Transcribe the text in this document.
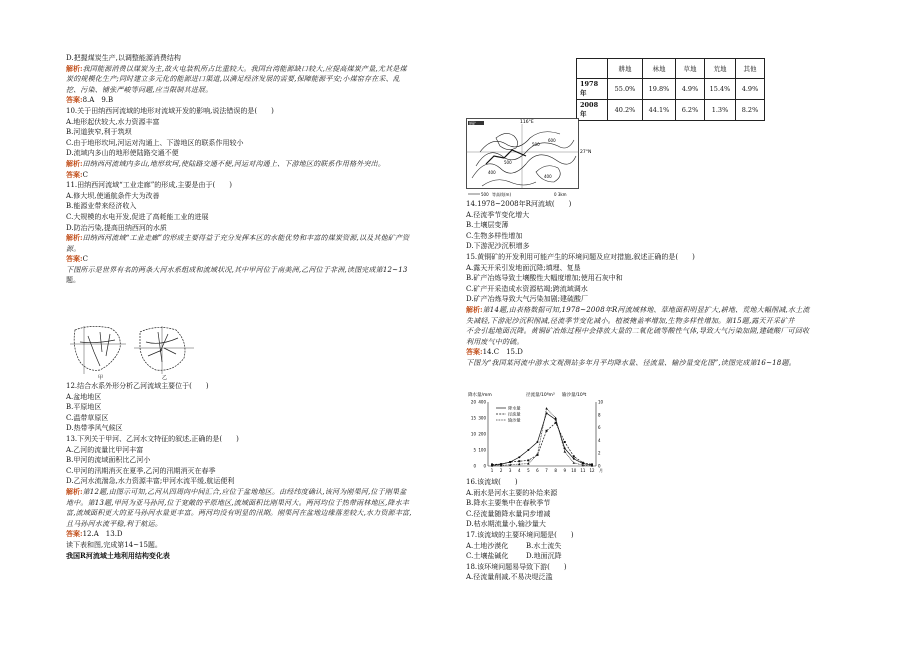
D.把握煤炭生产,以调整能源消费结构
解析:我国能源消费以煤炭为主,故火电装机所占比重较大。我国台湾能源缺口较大,应提高煤炭产量,尤其是煤
炭的规模化生产;同时建立多元化的能源进口渠道,以满足经济发展的需要,保障能源平安;小煤窑存在采、乱
挖、污染、铺张严峻等问题,应当限制其进展。
答案:8.A　9.B
10.关于田纳西河流域的地形对流域开发的影响,说法错误的是(　　)
A.地形起伏较大,水力资源丰富
B.河道狭窄,利于筑坝
C.由于地形坎坷,河运对沟通上、下游地区的联系作用较小
D.流域内多山的地形使陆路交通不便
解析:田纳西河流域内多山,地形坎坷,使陆路交通不便,河运对沟通上、下游地区的联系作用格外突出。
答案:C
11.田纳西河流域“工业走廊”的形成,主要是由于(　　)
A.修大坝,使通航条件大为改善
B.能源业带来经济收入
C.大规模的水电开发,促进了高耗能工业的进展
D.防治污染,提高田纳西河的水质
解析:田纳西河流域“工业走廊”的形成主要得益于充分发挥本区的水能优势和丰富的煤炭资源,以及其他矿产资
源。
答案:C
下图所示是世界有名的两条大河水系组成和流域状况,其中甲河位于南美洲,乙河位于非洲,读图完成第12~13
题。
甲	乙
12.结合水系外形分析乙河流域主要位于(　　)
A.盆地地区
B.平原地区
C.温带草原区
D.热带季风气候区
13.下列关于甲河、乙河水文特征的叙述,正确的是(　　)
A.乙河的流量比甲河丰富
B.甲河的流域面积比乙河小
C.甲河的汛期消灭在夏季,乙河的汛期消灭在春季
D.乙河水流湍急,水力资源丰富;甲河水流平缓,航运便利
解析:第12题,由图示可知,乙河从四周向中间汇合,应位于盆地地区。由经纬度确认,该河为刚果河,位于刚果盆
地中。第13题,甲河为亚马孙河,位于宽敞的平原地区,流域面积比刚果河大。两河均位于热带雨林地区,降水丰
富,流域面积更大的亚马孙河水量更丰富。两河均没有明显的汛期。刚果河在盆地边缘落差较大,水力资源丰富,
且马孙河水流平稳,利于航运。
答案:12.A　13.D
读下表和图,完成第14~15题。
我国R河流域土地利用结构变化表
	耕地	林地	草地	荒地	其他
1978年	55.0%	19.8%	4.9%	15.4%	4.9%
2008年	40.2%	44.1%	6.2%	1.3%	8.2%
铜矿	116°E
27°N
400
500
500
600
400
500 等高线(m)	0 3km
14.1978~2008年R河流域(　　)
A.径流季节变化增大
B.土壤层变薄
C.生物多样性增加
D.下游泥沙沉积增多
15.黄铜矿的开发利用可能产生的环境问题及应对措施,叙述正确的是(　　)
A.露天开采引发地面沉降;填埋、复垦
B.矿产冶炼导致土壤酸性大幅度增加;使用石灰中和
C.矿产开采造成水资源枯竭;跨流域调水
D.矿产冶炼导致大气污染加剧;建硫酸厂
解析:第14题,由表格数据可知,1978~2008年R河流域林地、草地面积明显扩大,耕地、荒地大幅削减,水土流
失减轻,下游泥沙沉积削减,径流季节变化减小。植被掩盖率增加,生物多样性增加。第15题,露天开采矿井
不会引起地面沉降。黄铜矿冶炼过程中会排放大量的二氧化硫等酸性气体,导致大气污染加剧,建硫酸厂可回收
利用废气中的硫。
答案:14.C　15.D
下图为“我国某河流中游水文观测站多年月平均降水量、径流量、输沙量变化图”,读图完成第16~18题。
16.该流域(　　)
A.雨水是河水主要的补给来源
B.降水主要集中在春秋季节
C.径流量随降水量同步增减
D.枯水期流量小,输沙量大
17.该流域的主要环境问题是(　　)
A.土地沙漠化	B.水土流失
C.土壤盐碱化	D.地面沉降
18.该环境问题易导致下游(　　)
A.径流量削减,不易决堤泛滥
降水量/mm	径流量/10⁸m³ 输沙量/10⁸t
400
300
200
100
0
20
15
10
5
0
10
8
6
4
2
0
1 2 3 4 5 6 7 8 9 10 11 12 月
降水量
径流量
输沙量
